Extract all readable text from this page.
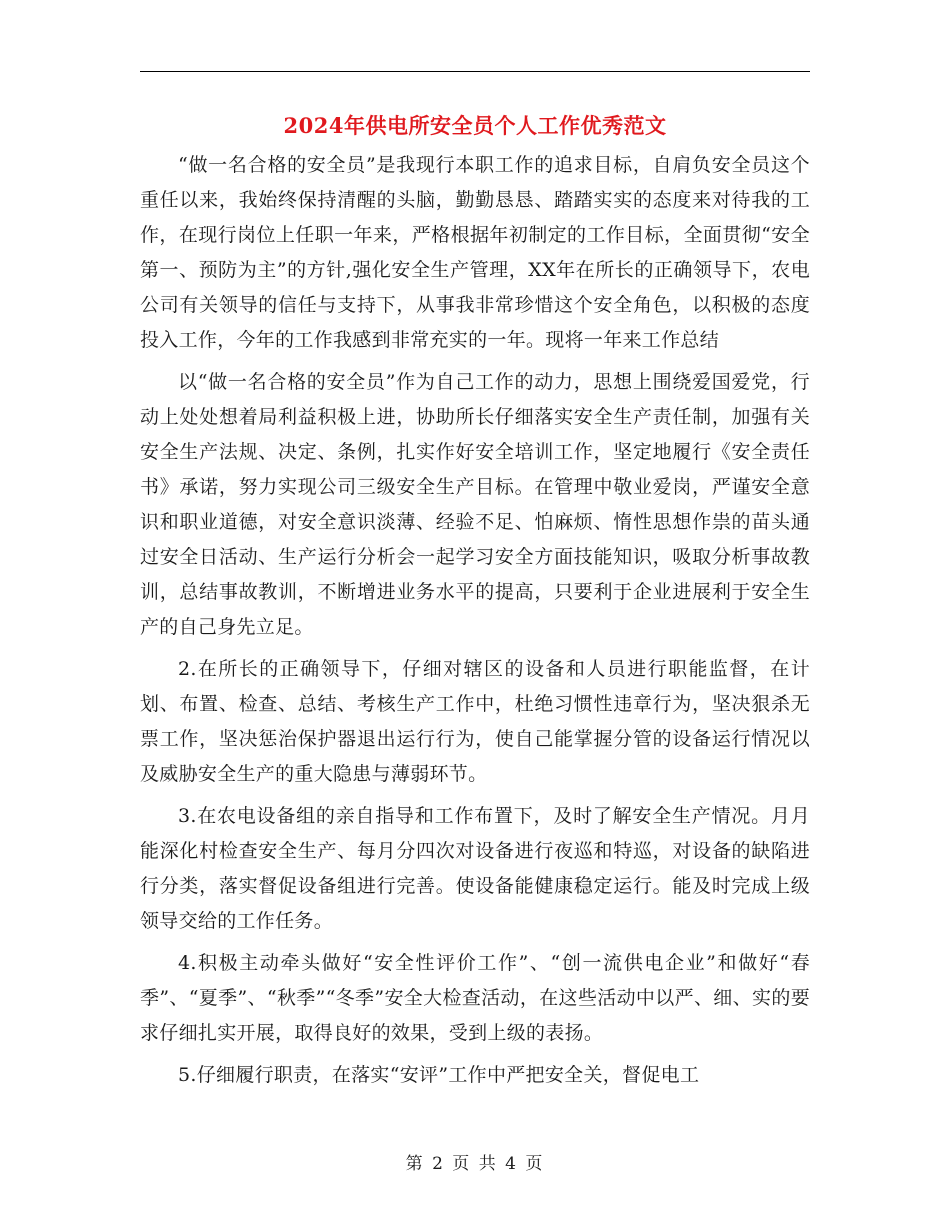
2024年供电所安全员个人工作优秀范文

“做一名合格的安全员”是我现行本职工作的追求目标，自肩负安全员这个重任以来，我始终保持清醒的头脑，勤勤恳恳、踏踏实实的态度来对待我的工作，在现行岗位上任职一年来，严格根据年初制定的工作目标，全面贯彻“安全第一、预防为主”的方针,强化安全生产管理，XX年在所长的正确领导下，农电公司有关领导的信任与支持下，从事我非常珍惜这个安全角色，以积极的态度投入工作，今年的工作我感到非常充实的一年。现将一年来工作总结

以“做一名合格的安全员”作为自己工作的动力，思想上围绕爱国爱党，行动上处处想着局利益积极上进，协助所长仔细落实安全生产责任制，加强有关安全生产法规、决定、条例，扎实作好安全培训工作，坚定地履行《安全责任书》承诺，努力实现公司三级安全生产目标。在管理中敬业爱岗，严谨安全意识和职业道德，对安全意识淡薄、经验不足、怕麻烦、惰性思想作祟的苗头通过安全日活动、生产运行分析会一起学习安全方面技能知识，吸取分析事故教训，总结事故教训，不断增进业务水平的提高，只要利于企业进展利于安全生产的自己身先立足。

2.在所长的正确领导下，仔细对辖区的设备和人员进行职能监督，在计划、布置、检查、总结、考核生产工作中，杜绝习惯性违章行为，坚决狠杀无票工作，坚决惩治保护器退出运行行为，使自己能掌握分管的设备运行情况以及威胁安全生产的重大隐患与薄弱环节。

3.在农电设备组的亲自指导和工作布置下，及时了解安全生产情况。月月能深化村检查安全生产、每月分四次对设备进行夜巡和特巡，对设备的缺陷进行分类，落实督促设备组进行完善。使设备能健康稳定运行。能及时完成上级领导交给的工作任务。

4.积极主动牵头做好“安全性评价工作”、“创一流供电企业”和做好“春季”、“夏季”、“秋季”“冬季”安全大检查活动，在这些活动中以严、细、实的要求仔细扎实开展，取得良好的效果，受到上级的表扬。

5.仔细履行职责，在落实“安评”工作中严把安全关，督促电工

第 2 页 共 4 页
